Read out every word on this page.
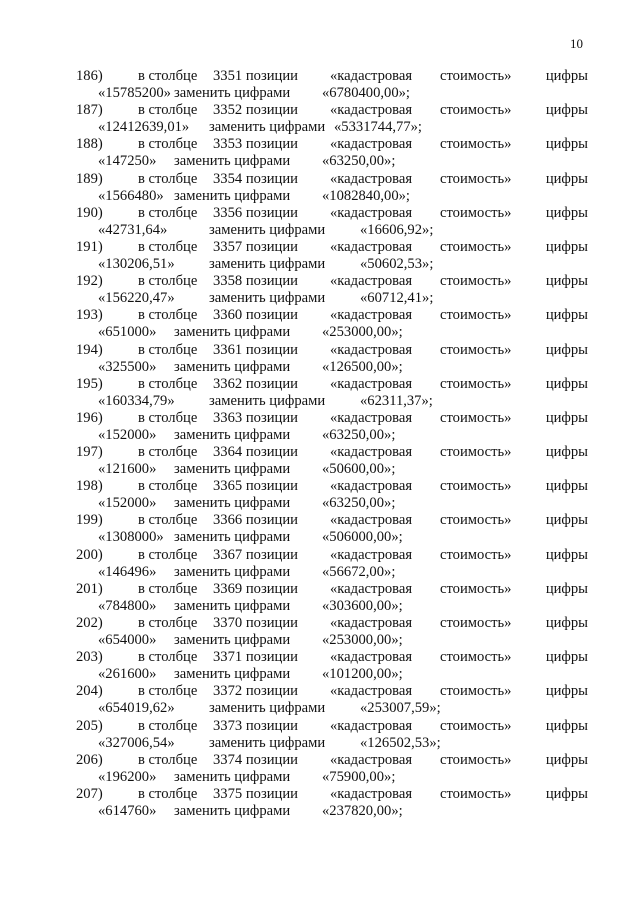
10
186) в столбце 3351 позиции «кадастровая стоимость» цифры
«15785200» заменить цифрами «6780400,00»;
187) в столбце 3352 позиции «кадастровая стоимость» цифры
«12412639,01» заменить цифрами «5331744,77»;
188) в столбце 3353 позиции «кадастровая стоимость» цифры
«147250» заменить цифрами «63250,00»;
189) в столбце 3354 позиции «кадастровая стоимость» цифры
«1566480» заменить цифрами «1082840,00»;
190) в столбце 3356 позиции «кадастровая стоимость» цифры
«42731,64»	заменить цифрами «16606,92»;
191) в столбце 3357 позиции «кадастровая стоимость» цифры
«130206,51» заменить цифрами «50602,53»;
192) в столбце 3358 позиции «кадастровая стоимость» цифры
«156220,47» заменить цифрами «60712,41»;
193) в столбце 3360 позиции «кадастровая стоимость» цифры
«651000» заменить цифрами «253000,00»;
194) в столбце 3361 позиции «кадастровая стоимость» цифры
«325500» заменить цифрами «126500,00»;
195) в столбце 3362 позиции «кадастровая стоимость» цифры
«160334,79» заменить цифрами «62311,37»;
196) в столбце 3363 позиции «кадастровая стоимость» цифры
«152000» заменить цифрами «63250,00»;
197) в столбце 3364 позиции «кадастровая стоимость» цифры
«121600» заменить цифрами «50600,00»;
198) в столбце 3365 позиции «кадастровая стоимость» цифры
«152000» заменить цифрами «63250,00»;
199) в столбце 3366 позиции «кадастровая стоимость» цифры
«1308000» заменить цифрами «506000,00»;
200) в столбце 3367 позиции «кадастровая стоимость» цифры
«146496» заменить цифрами «56672,00»;
201) в столбце 3369 позиции «кадастровая стоимость» цифры
«784800» заменить цифрами «303600,00»;
202) в столбце 3370 позиции «кадастровая стоимость» цифры
«654000» заменить цифрами «253000,00»;
203) в столбце 3371 позиции «кадастровая стоимость» цифры
«261600» заменить цифрами «101200,00»;
204) в столбце 3372 позиции «кадастровая стоимость» цифры
«654019,62» заменить цифрами «253007,59»;
205) в столбце 3373 позиции «кадастровая стоимость» цифры
«327006,54» заменить цифрами «126502,53»;
206) в столбце 3374 позиции «кадастровая стоимость» цифры
«196200» заменить цифрами «75900,00»;
207) в столбце 3375 позиции «кадастровая стоимость» цифры
«614760» заменить цифрами «237820,00»;
